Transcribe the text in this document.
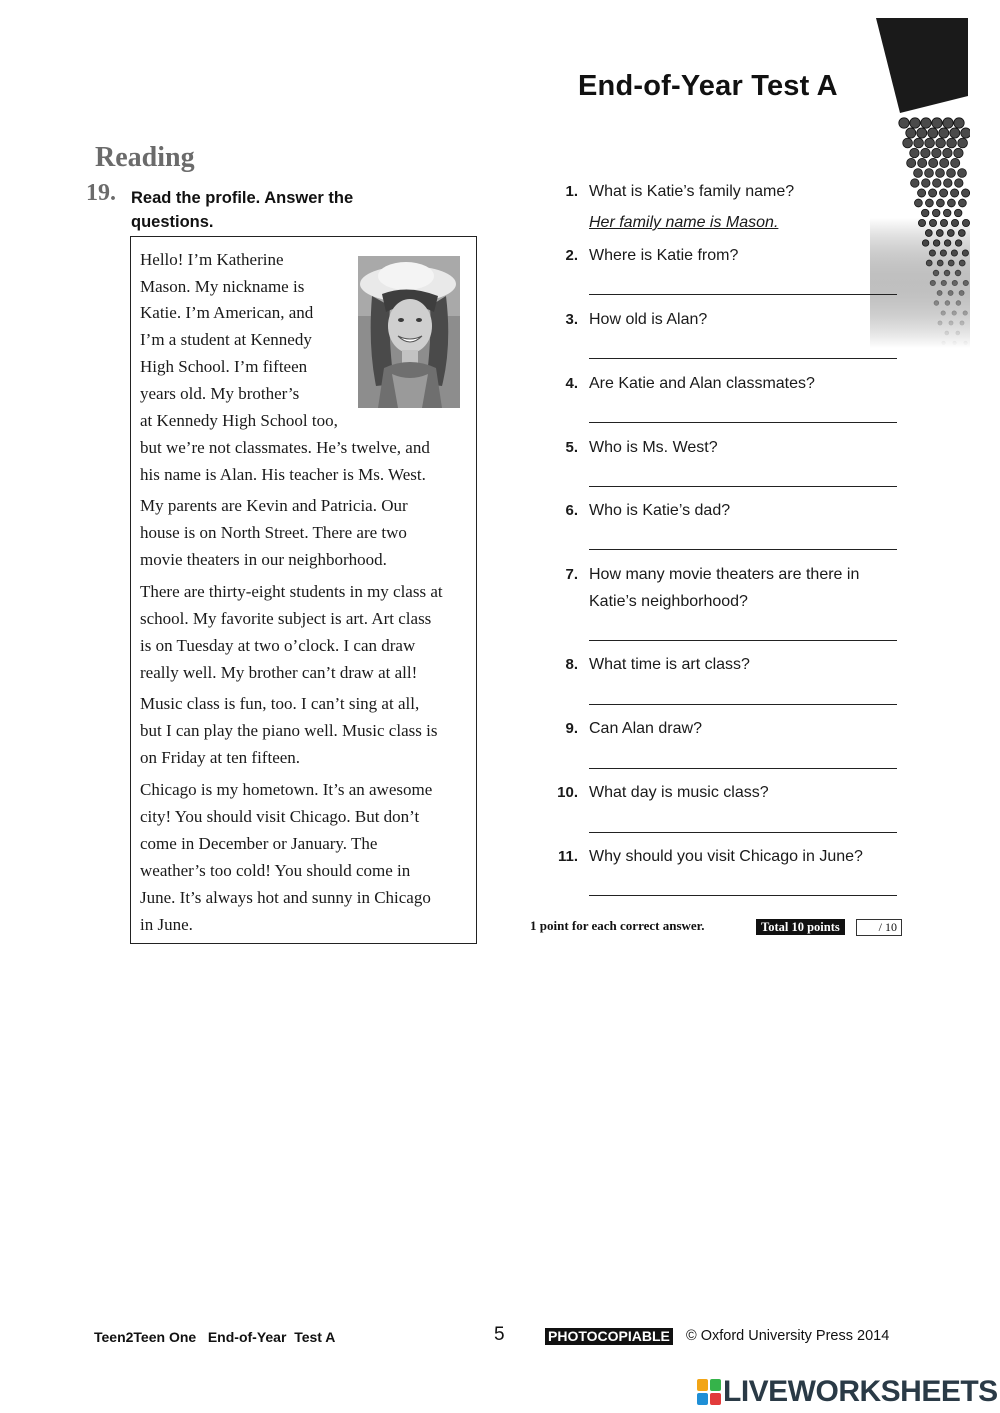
End-of-Year Test A
Reading
19. Read the profile. Answer the questions.

Hello! I’m Katherine

Mason. My nickname is

Katie. I’m American, and

I’m a student at Kennedy

High School. I’m fifteen

years old. My brother’s

at Kennedy High School too,

but we’re not classmates. He’s twelve, and

his name is Alan. His teacher is Ms. West.

My parents are Kevin and Patricia. Our

house is on North Street. There are two

movie theaters in our neighborhood.

There are thirty-eight students in my class at

school. My favorite subject is art. Art class

is on Tuesday at two o’clock. I can draw

really well. My brother can’t draw at all!

Music class is fun, too. I can’t sing at all,

but I can play the piano well. Music class is

on Friday at ten fifteen.

Chicago is my hometown. It’s an awesome

city! You should visit Chicago. But don’t

come in December or January. The

weather’s too cold! You should come in

June. It’s always hot and sunny in Chicago

in June.

1. What is Katie’s family name?
Her family name is Mason.
2. Where is Katie from?
3. How old is Alan?
4. Are Katie and Alan classmates?
5. Who is Ms. West?
6. Who is Katie’s dad?
7. How many movie theaters are there in
Katie’s neighborhood?
8. What time is art class?
9. Can Alan draw?
10. What day is music class?
11. Why should you visit Chicago in June?
1 point for each correct answer.	Total 10 points	/ 10
Teen2Teen One   End-of-Year  Test A	5	PHOTOCOPIABLE © Oxford University Press 2014
LIVEWORKSHEETS
